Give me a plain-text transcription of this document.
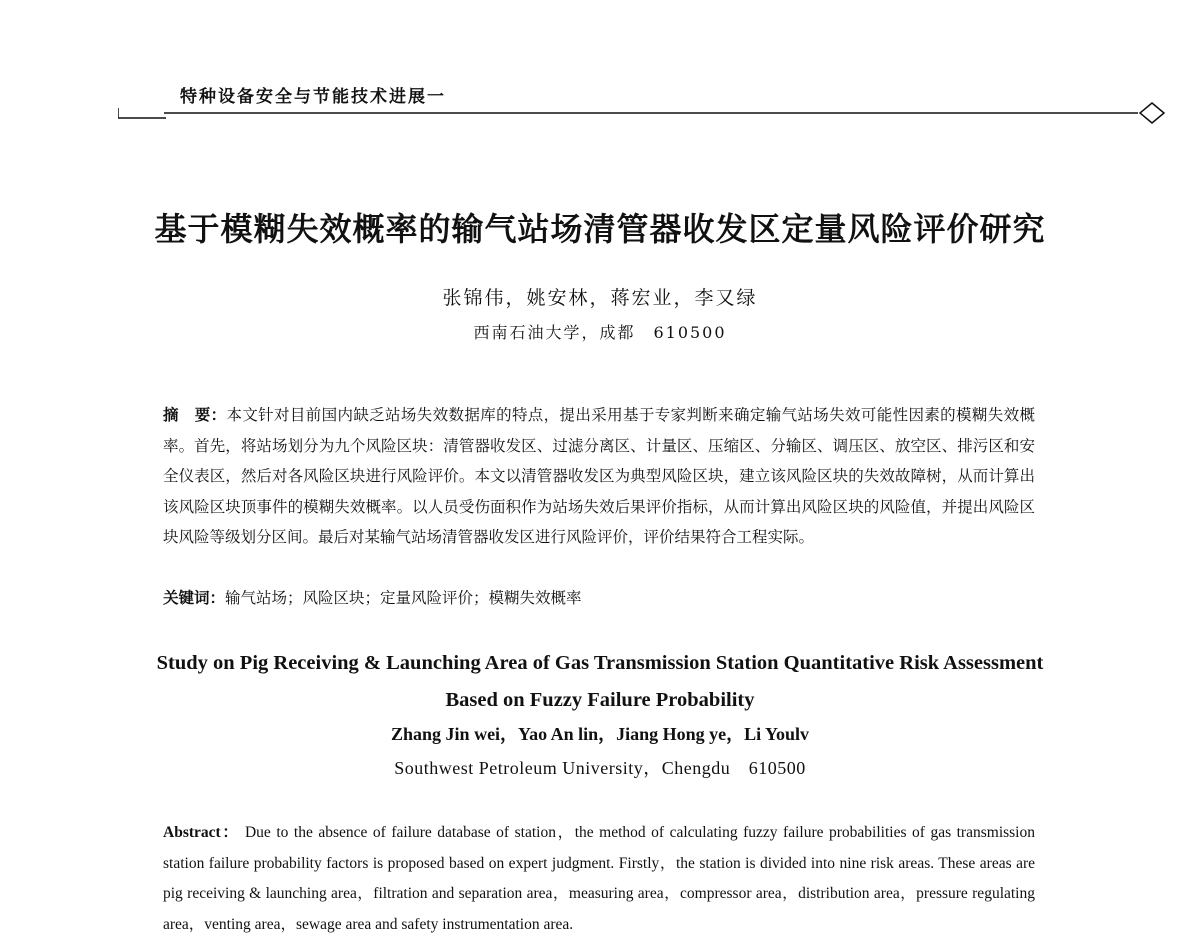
特种设备安全与节能技术进展一
基于模糊失效概率的输气站场清管器收发区定量风险评价研究
张锦伟，姚安林，蒋宏业，李又绿
西南石油大学，成都　610500
摘　要：本文针对目前国内缺乏站场失效数据库的特点，提出采用基于专家判断来确定输气站场失效可能性因素的模糊失效概率。首先，将站场划分为九个风险区块：清管器收发区、过滤分离区、计量区、压缩区、分输区、调压区、放空区、排污区和安全仪表区，然后对各风险区块进行风险评价。本文以清管器收发区为典型风险区块，建立该风险区块的失效故障树，从而计算出该风险区块顶事件的模糊失效概率。以人员受伤面积作为站场失效后果评价指标，从而计算出风险区块的风险值，并提出风险区块风险等级划分区间。最后对某输气站场清管器收发区进行风险评价，评价结果符合工程实际。
关键词：输气站场；风险区块；定量风险评价；模糊失效概率
Study on Pig Receiving & Launching Area of Gas Transmission Station Quantitative Risk Assessment Based on Fuzzy Failure Probability
Zhang Jin wei，Yao An lin，Jiang Hong ye，Li Youlv
Southwest Petroleum University，Chengdu　610500
Abstract： Due to the absence of failure database of station，the method of calculating fuzzy failure probabilities of gas transmission station failure probability factors is proposed based on expert judgment. Firstly，the station is divided into nine risk areas. These areas are pig receiving & launching area，filtration and separation area，measuring area，compressor area，distribution area，pressure regulating area，venting area，sewage area and safety instrumentation area.
